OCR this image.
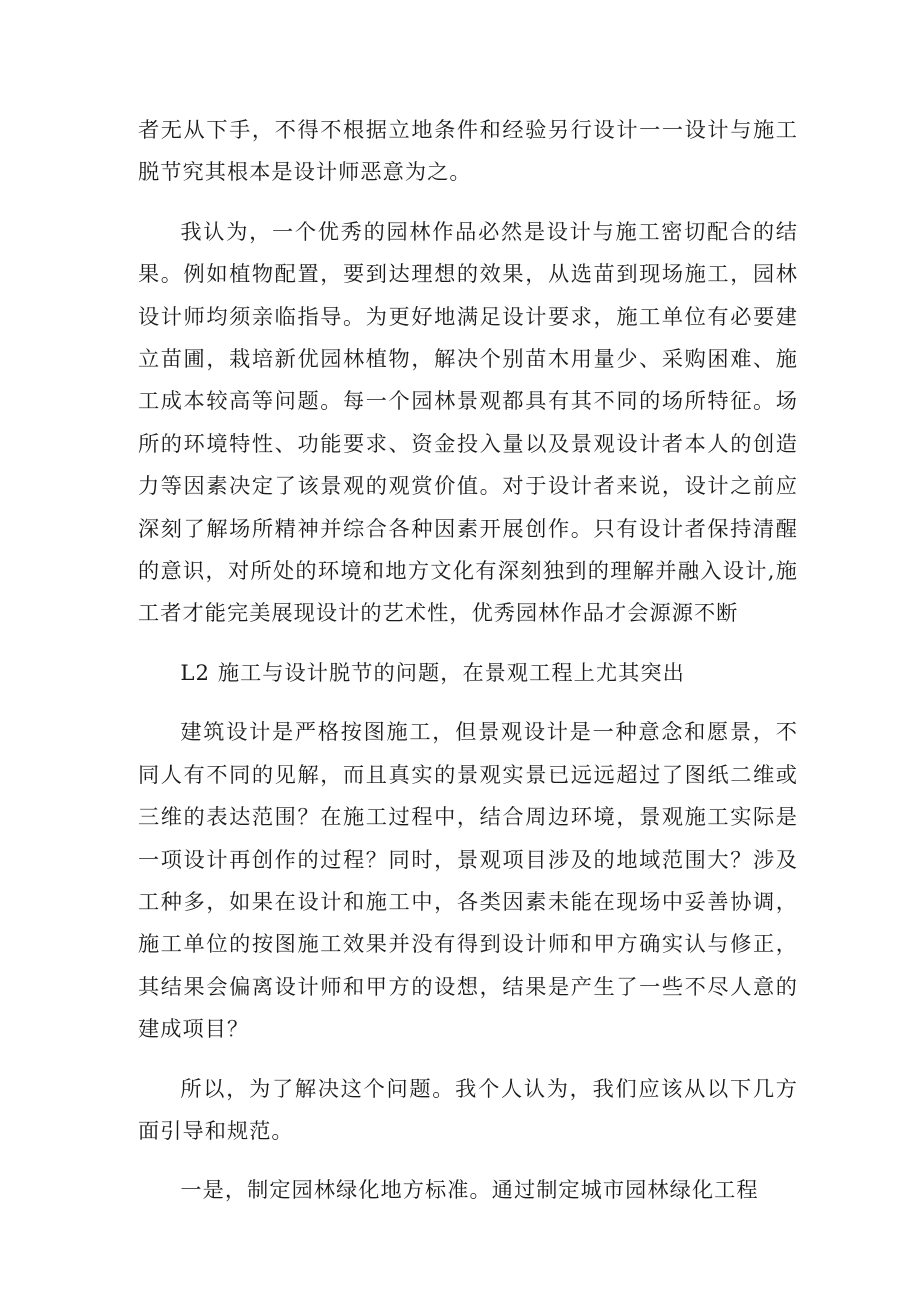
者无从下手，不得不根据立地条件和经验另行设计一一设计与施工脱节究其根本是设计师恶意为之。

我认为，一个优秀的园林作品必然是设计与施工密切配合的结果。例如植物配置，要到达理想的效果，从选苗到现场施工，园林设计师均须亲临指导。为更好地满足设计要求，施工单位有必要建立苗圃，栽培新优园林植物，解决个别苗木用量少、采购困难、施工成本较高等问题。每一个园林景观都具有其不同的场所特征。场所的环境特性、功能要求、资金投入量以及景观设计者本人的创造力等因素决定了该景观的观赏价值。对于设计者来说，设计之前应深刻了解场所精神并综合各种因素开展创作。只有设计者保持清醒的意识，对所处的环境和地方文化有深刻独到的理解并融入设计,施工者才能完美展现设计的艺术性，优秀园林作品才会源源不断

L2 施工与设计脱节的问题，在景观工程上尤其突出

建筑设计是严格按图施工，但景观设计是一种意念和愿景，不同人有不同的见解，而且真实的景观实景已远远超过了图纸二维或三维的表达范围？在施工过程中，结合周边环境，景观施工实际是一项设计再创作的过程？同时，景观项目涉及的地域范围大？涉及工种多，如果在设计和施工中，各类因素未能在现场中妥善协调，施工单位的按图施工效果并没有得到设计师和甲方确实认与修正，其结果会偏离设计师和甲方的设想，结果是产生了一些不尽人意的建成项目？

所以，为了解决这个问题。我个人认为，我们应该从以下几方面引导和规范。

一是，制定园林绿化地方标准。通过制定城市园林绿化工程
